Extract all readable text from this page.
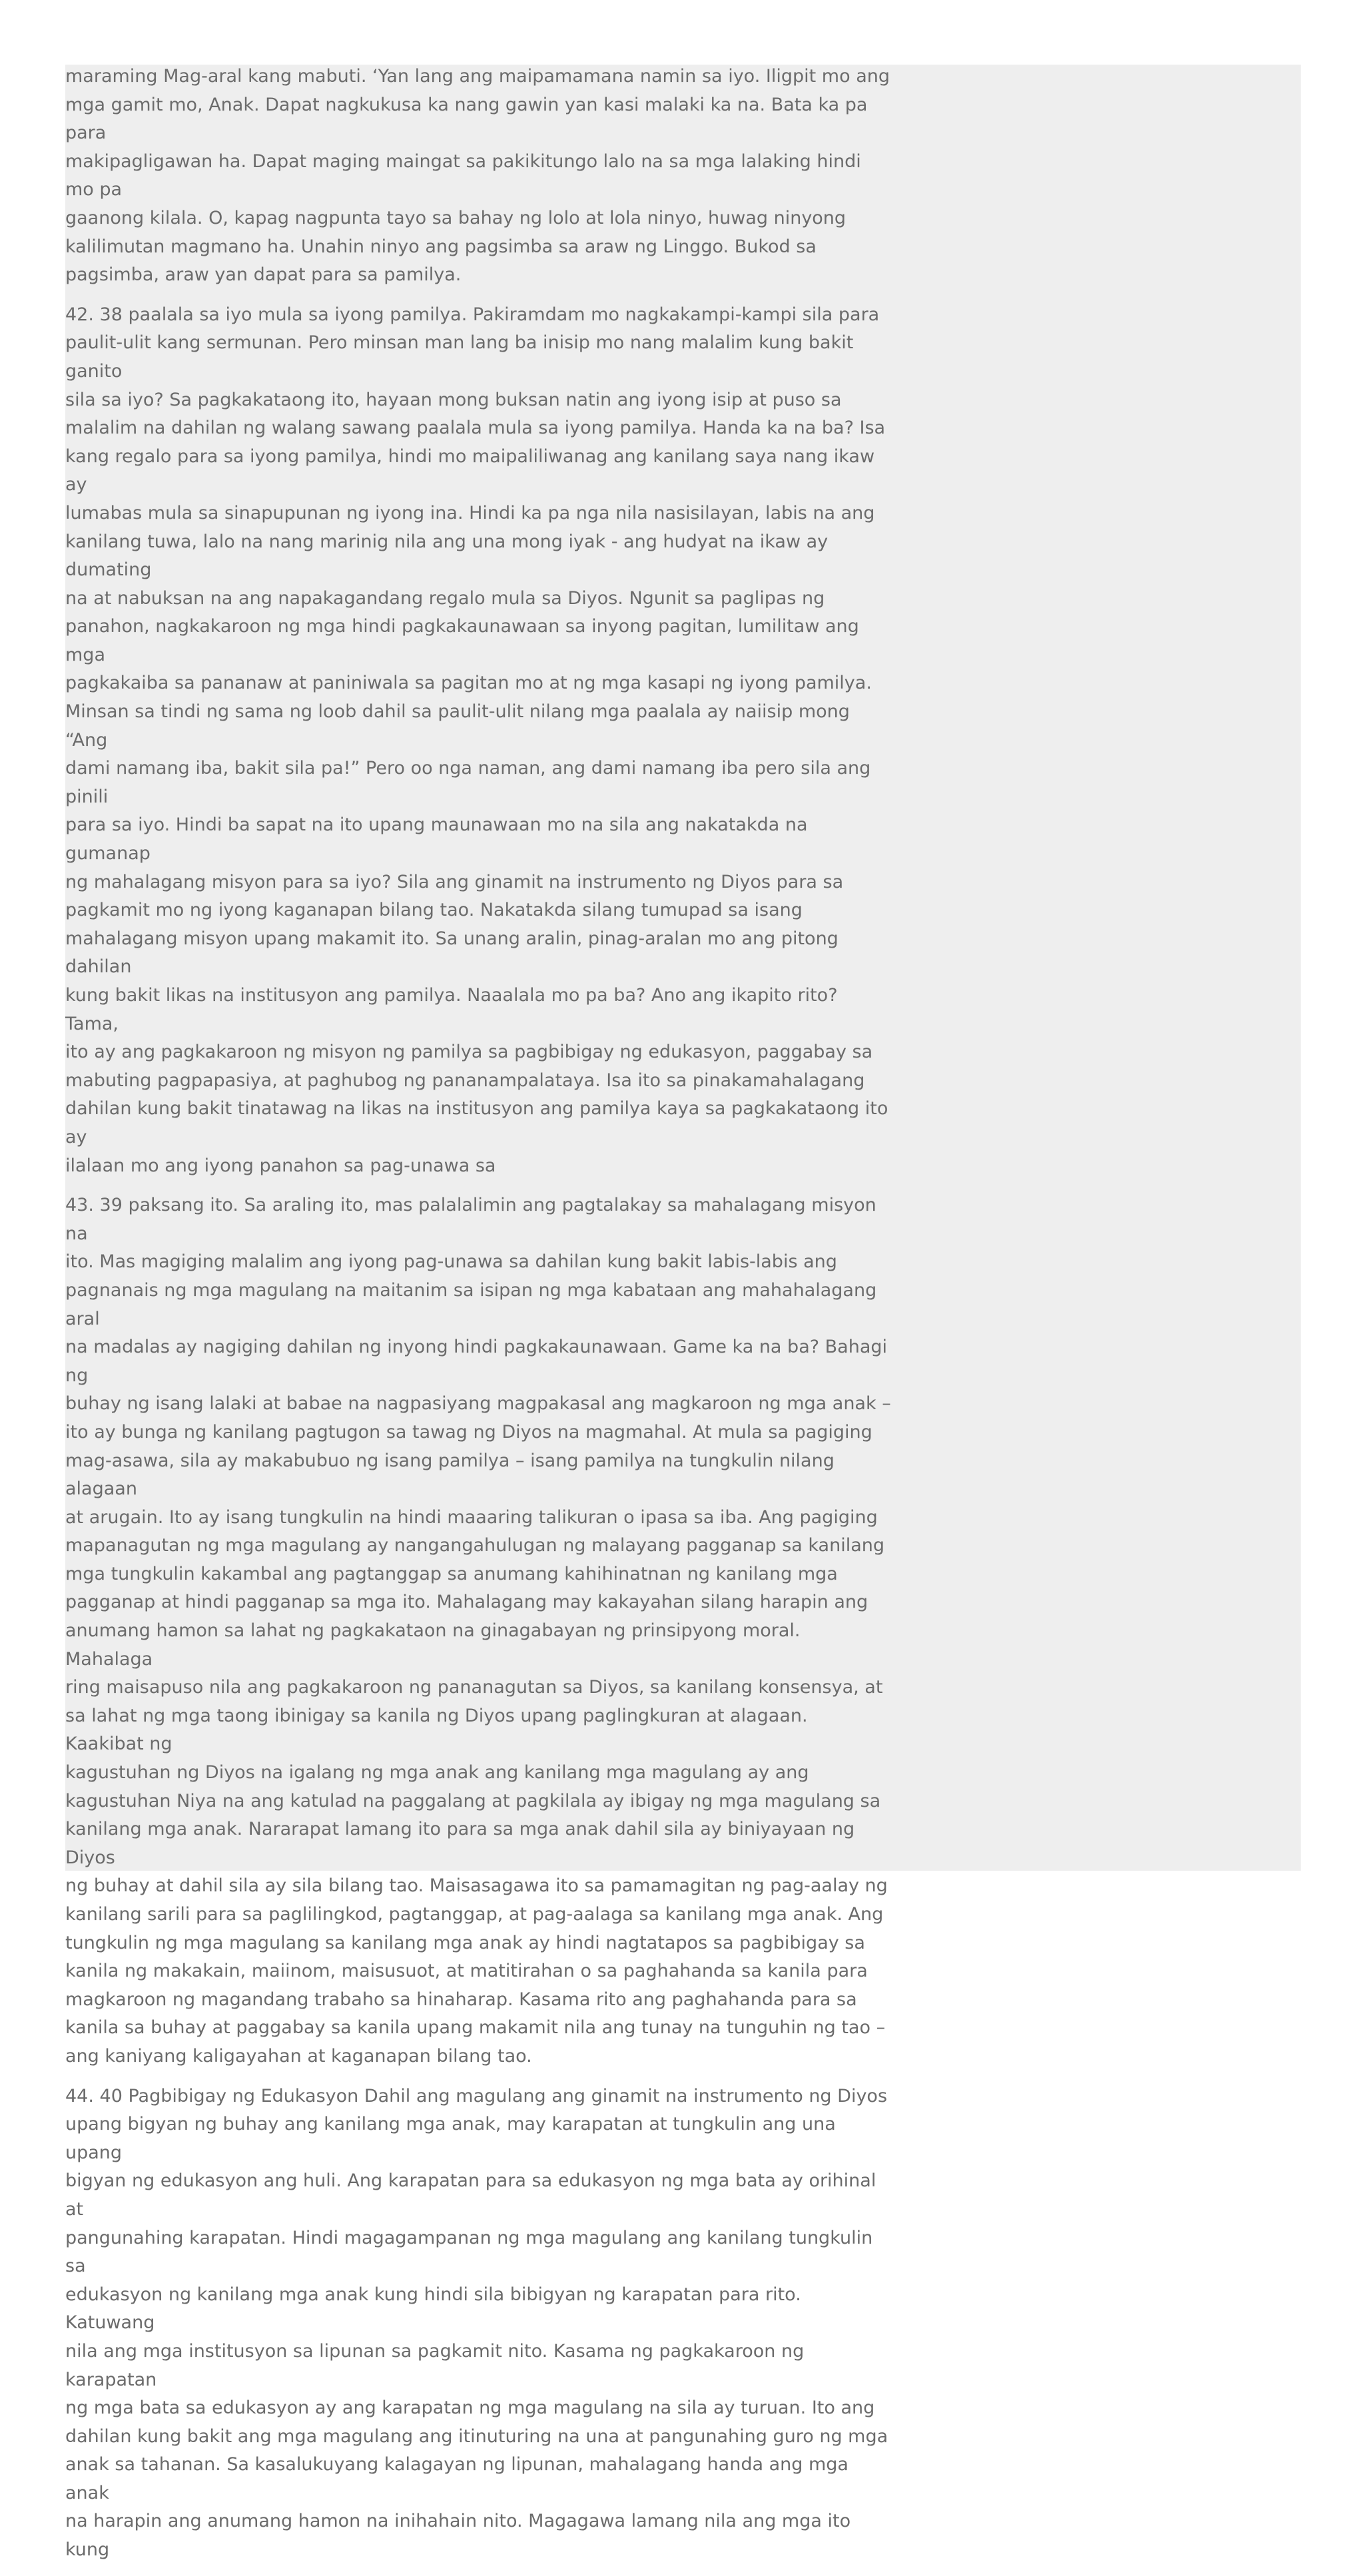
maraming Mag-aral kang mabuti. ‘Yan lang ang maipamamana namin sa iyo. Iligpit mo ang
mga gamit mo, Anak. Dapat nagkukusa ka nang gawin yan kasi malaki ka na. Bata ka pa para
makipagligawan ha. Dapat maging maingat sa pakikitungo lalo na sa mga lalaking hindi mo pa
gaanong kilala. O, kapag nagpunta tayo sa bahay ng lolo at lola ninyo, huwag ninyong
kalilimutan magmano ha. Unahin ninyo ang pagsimba sa araw ng Linggo. Bukod sa
pagsimba, araw yan dapat para sa pamilya.

42. 38 paalala sa iyo mula sa iyong pamilya. Pakiramdam mo nagkakampi-kampi sila para
paulit-ulit kang sermunan. Pero minsan man lang ba inisip mo nang malalim kung bakit ganito
sila sa iyo? Sa pagkakataong ito, hayaan mong buksan natin ang iyong isip at puso sa
malalim na dahilan ng walang sawang paalala mula sa iyong pamilya. Handa ka na ba? Isa
kang regalo para sa iyong pamilya, hindi mo maipaliliwanag ang kanilang saya nang ikaw ay
lumabas mula sa sinapupunan ng iyong ina. Hindi ka pa nga nila nasisilayan, labis na ang
kanilang tuwa, lalo na nang marinig nila ang una mong iyak - ang hudyat na ikaw ay dumating
na at nabuksan na ang napakagandang regalo mula sa Diyos. Ngunit sa paglipas ng
panahon, nagkakaroon ng mga hindi pagkakaunawaan sa inyong pagitan, lumilitaw ang mga
pagkakaiba sa pananaw at paniniwala sa pagitan mo at ng mga kasapi ng iyong pamilya.
Minsan sa tindi ng sama ng loob dahil sa paulit-ulit nilang mga paalala ay naiisip mong “Ang
dami namang iba, bakit sila pa!” Pero oo nga naman, ang dami namang iba pero sila ang pinili
para sa iyo. Hindi ba sapat na ito upang maunawaan mo na sila ang nakatakda na gumanap
ng mahalagang misyon para sa iyo? Sila ang ginamit na instrumento ng Diyos para sa
pagkamit mo ng iyong kaganapan bilang tao. Nakatakda silang tumupad sa isang
mahalagang misyon upang makamit ito. Sa unang aralin, pinag-aralan mo ang pitong dahilan
kung bakit likas na institusyon ang pamilya. Naaalala mo pa ba? Ano ang ikapito rito? Tama,
ito ay ang pagkakaroon ng misyon ng pamilya sa pagbibigay ng edukasyon, paggabay sa
mabuting pagpapasiya, at paghubog ng pananampalataya. Isa ito sa pinakamahalagang
dahilan kung bakit tinatawag na likas na institusyon ang pamilya kaya sa pagkakataong ito ay
ilalaan mo ang iyong panahon sa pag-unawa sa

43. 39 paksang ito. Sa araling ito, mas palalalimin ang pagtalakay sa mahalagang misyon na
ito. Mas magiging malalim ang iyong pag-unawa sa dahilan kung bakit labis-labis ang
pagnanais ng mga magulang na maitanim sa isipan ng mga kabataan ang mahahalagang aral
na madalas ay nagiging dahilan ng inyong hindi pagkakaunawaan. Game ka na ba? Bahagi ng
buhay ng isang lalaki at babae na nagpasiyang magpakasal ang magkaroon ng mga anak –
ito ay bunga ng kanilang pagtugon sa tawag ng Diyos na magmahal. At mula sa pagiging
mag-asawa, sila ay makabubuo ng isang pamilya – isang pamilya na tungkulin nilang alagaan
at arugain. Ito ay isang tungkulin na hindi maaaring talikuran o ipasa sa iba. Ang pagiging
mapanagutan ng mga magulang ay nangangahulugan ng malayang pagganap sa kanilang
mga tungkulin kakambal ang pagtanggap sa anumang kahihinatnan ng kanilang mga
pagganap at hindi pagganap sa mga ito. Mahalagang may kakayahan silang harapin ang
anumang hamon sa lahat ng pagkakataon na ginagabayan ng prinsipyong moral. Mahalaga
ring maisapuso nila ang pagkakaroon ng pananagutan sa Diyos, sa kanilang konsensya, at
sa lahat ng mga taong ibinigay sa kanila ng Diyos upang paglingkuran at alagaan. Kaakibat ng
kagustuhan ng Diyos na igalang ng mga anak ang kanilang mga magulang ay ang
kagustuhan Niya na ang katulad na paggalang at pagkilala ay ibigay ng mga magulang sa
kanilang mga anak. Nararapat lamang ito para sa mga anak dahil sila ay biniyayaan ng Diyos
ng buhay at dahil sila ay sila bilang tao. Maisasagawa ito sa pamamagitan ng pag-aalay ng
kanilang sarili para sa paglilingkod, pagtanggap, at pag-aalaga sa kanilang mga anak. Ang
tungkulin ng mga magulang sa kanilang mga anak ay hindi nagtatapos sa pagbibigay sa
kanila ng makakain, maiinom, maisusuot, at matitirahan o sa paghahanda sa kanila para
magkaroon ng magandang trabaho sa hinaharap. Kasama rito ang paghahanda para sa
kanila sa buhay at paggabay sa kanila upang makamit nila ang tunay na tunguhin ng tao –
ang kaniyang kaligayahan at kaganapan bilang tao.

44. 40 Pagbibigay ng Edukasyon Dahil ang magulang ang ginamit na instrumento ng Diyos
upang bigyan ng buhay ang kanilang mga anak, may karapatan at tungkulin ang una upang
bigyan ng edukasyon ang huli. Ang karapatan para sa edukasyon ng mga bata ay orihinal at
pangunahing karapatan. Hindi magagampanan ng mga magulang ang kanilang tungkulin sa
edukasyon ng kanilang mga anak kung hindi sila bibigyan ng karapatan para rito. Katuwang
nila ang mga institusyon sa lipunan sa pagkamit nito. Kasama ng pagkakaroon ng karapatan
ng mga bata sa edukasyon ay ang karapatan ng mga magulang na sila ay turuan. Ito ang
dahilan kung bakit ang mga magulang ang itinuturing na una at pangunahing guro ng mga
anak sa tahanan. Sa kasalukuyang kalagayan ng lipunan, mahalagang handa ang mga anak
na harapin ang anumang hamon na inihahain nito. Magagawa lamang nila ang mga ito kung
